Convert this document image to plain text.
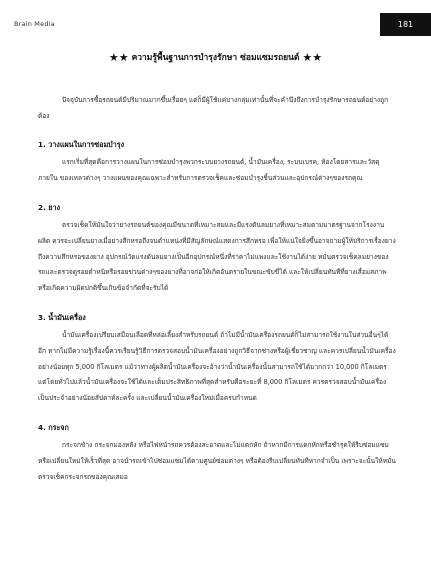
Brain Media	181
★★ ความรู้พื้นฐานการบำรุงรักษา ซ่อมแซมรถยนต์ ★★

ปัจจุบันการซื้อรถยนต์มีปริมาณมากขึ้นเรื่อยๆ แต่ก็มีผู้ใช้แค่บางกลุ่มเท่านั้นที่จะคำนึงถึงการบำรุงรักษารถยนต์อย่างถูกต้อง

1. วางแผนในการซ่อมบำรุง

แรกเริ่มที่สุดคือการวางแผนในการซ่อมบำรุงพวกระบบยางรถยนต์, น้ำมันเครื่อง, ระบบเบรค, ห้องโดยสารและวัสดุภายใน ของเหลวต่างๆ วางแผนของคุณเฉพาะสำหรับการตรวจเช็คและซ่อมบำรุงชิ้นส่วนและอุปกรณ์ต่างๆของรถคุณ

2. ยาง

ตรวจเช็คให้มั่นใจว่ายางรถยนต์ของคุณมีขนาดที่เหมาะสมและมีแรงดันลมยางที่เหมาะสมตามมาตรฐานจากโรงงานผลิต ควรจะเปลี่ยนยางเมื่อยางสึกหรอถึงจนตำแหน่งที่มีสัญลักษณ์แสดงการสึกหรอ เพื่อให้แน่ใจยิ่งขึ้นอาจถามผู้ให้บริการเรื่องยางถึงความสึกหรอของยาง อุปกรณ์วัดแรงดันลมยางเป็นอีกอุปกรณ์หนึ่งที่ราคาไม่แพงและใช้งานได้ง่าย หมั่นตรวจเช็คลมยางของรถและตรวจดูรอยตำหนิหรือรอยข่วนต่างๆของยางที่อาจก่อให้เกิดอันตรายในขณะขับขี่ได้ และให้เปลี่ยนทันทีที่ยางเสื่อมสภาพหรือเกิดความผิดปกติขึ้นเกินข้อจำกัดที่จะรับได้

3. น้ำมันเครื่อง

น้ำมันเครื่องเปรียบเสมือนเลือดที่หล่อเลี้ยงสำหรับรถยนต์ ถ้าไม่มีน้ำมันเครื่องรถยนต์ก็ไม่สามารถใช้งานในส่วนอื่นๆได้อีก หากไม่มีความรู้เรื่องนี้ควรเรียนรู้วิธีการตรวจสอบน้ำมันเครื่องอย่างถูกวิธีจากช่างหรือผู้เชี่ยวชาญ และควรเปลี่ยนน้ำมันเครื่องอย่างน้อยทุก 5,000 กิโลเมตร แม้ว่าทางผู้ผลิตน้ำมันเครื่องจะอ้างว่าน้ำมันเครื่องนั้นสามารถใช้ได้มากกว่า 10,000 กิโลเมตร แต่โดยทั่วไปแล้วน้ำมันเครื่องจะใช้ได้และเต็มประสิทธิภาพที่สุดสำหรับคือระยะที่ 8,000 กิโลเมตร ควรตรวจสอบน้ำมันเครื่องเป็นประจำอย่างน้อยสัปดาห์ละครั้ง และเปลี่ยนน้ำมันเครื่องใหม่เมื่อครบกำหนด

4. กระจก

กระจกข้าง กระจกมองหลัง หรือไฟหน้ารถควรต้องสะอาดและไม่แตกหัก ถ้าหากมีการแตกหักหรือชำรุดให้รีบซ่อมแซมหรือเปลี่ยนใหม่ให้เร็วที่สุด อาจนำรถเข้าไปซ่อมแซมได้ตามศูนย์ซ่อมต่างๆ หรือต้องรีบเปลี่ยนทันทีหากจำเป็น เพราะจะนั้นให้หมั่นตรวจเช็คกระจกรถของคุณเสมอ
